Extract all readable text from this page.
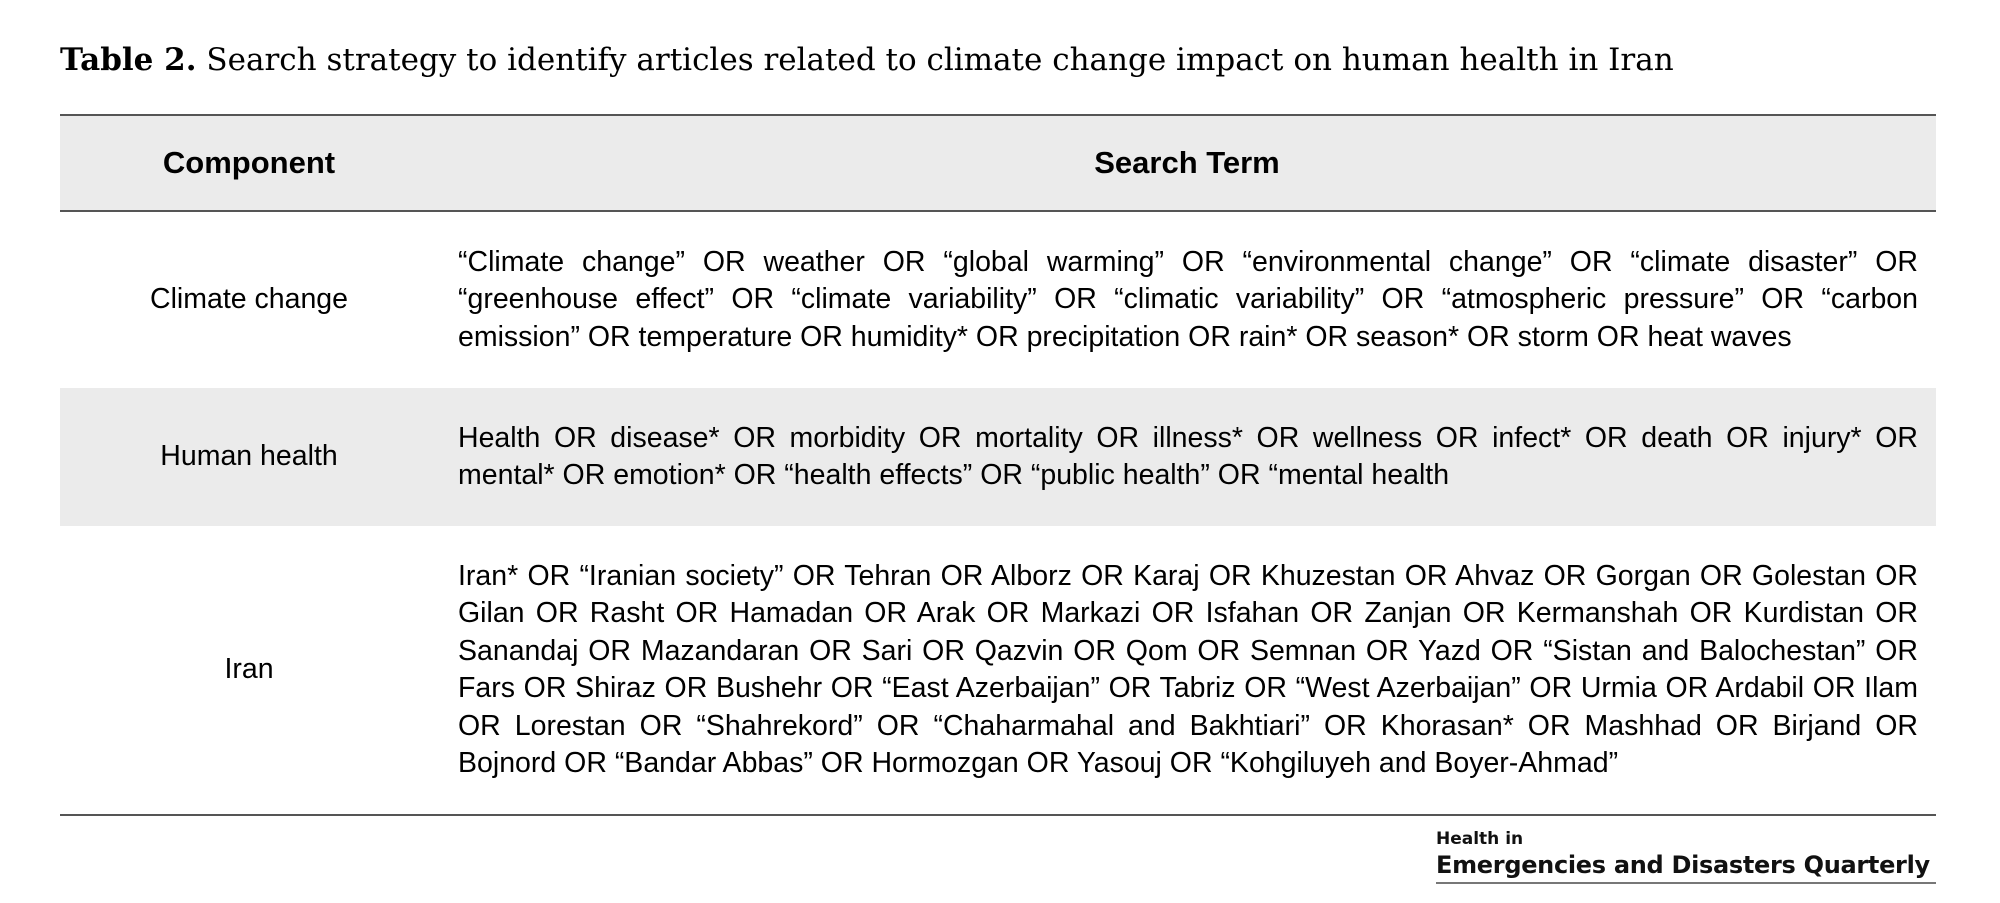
Table 2. Search strategy to identify articles related to climate change impact on human health in Iran
Component	Search Term
Climate change	“Climate change” OR weather OR “global warming” OR “environmental change” OR “climate disaster” OR “greenhouse effect” OR “climate variability” OR “climatic variability” OR “atmospheric pressure” OR “carbon emission” OR temperature OR humidity* OR precipitation OR rain* OR season* OR storm OR heat waves
Human health	Health OR disease* OR morbidity OR mortality OR illness* OR wellness OR infect* OR death OR injury* OR mental* OR emotion* OR “health effects” OR “public health” OR “mental health
Iran	Iran* OR “Iranian society” OR Tehran OR Alborz OR Karaj OR Khuzestan OR Ahvaz OR Gorgan OR Golestan OR Gilan OR Rasht OR Hamadan OR Arak OR Markazi OR Isfahan OR Zanjan OR Kermanshah OR Kurdistan OR Sanandaj OR Mazandaran OR Sari OR Qazvin OR Qom OR Semnan OR Yazd OR “Sistan and Balochestan” OR Fars OR Shiraz OR Bushehr OR “East Azerbaijan” OR Tabriz OR “West Azerbaijan” OR Urmia OR Ardabil OR Ilam OR Lorestan OR “Shahrekord” OR “Chaharmahal and Bakhtiari” OR Khorasan* OR Mashhad OR Birjand OR Bojnord OR “Bandar Abbas” OR Hormozgan OR Yasouj OR “Kohgiluyeh and Boyer-Ahmad”
Health in
Emergencies and Disasters Quarterly
